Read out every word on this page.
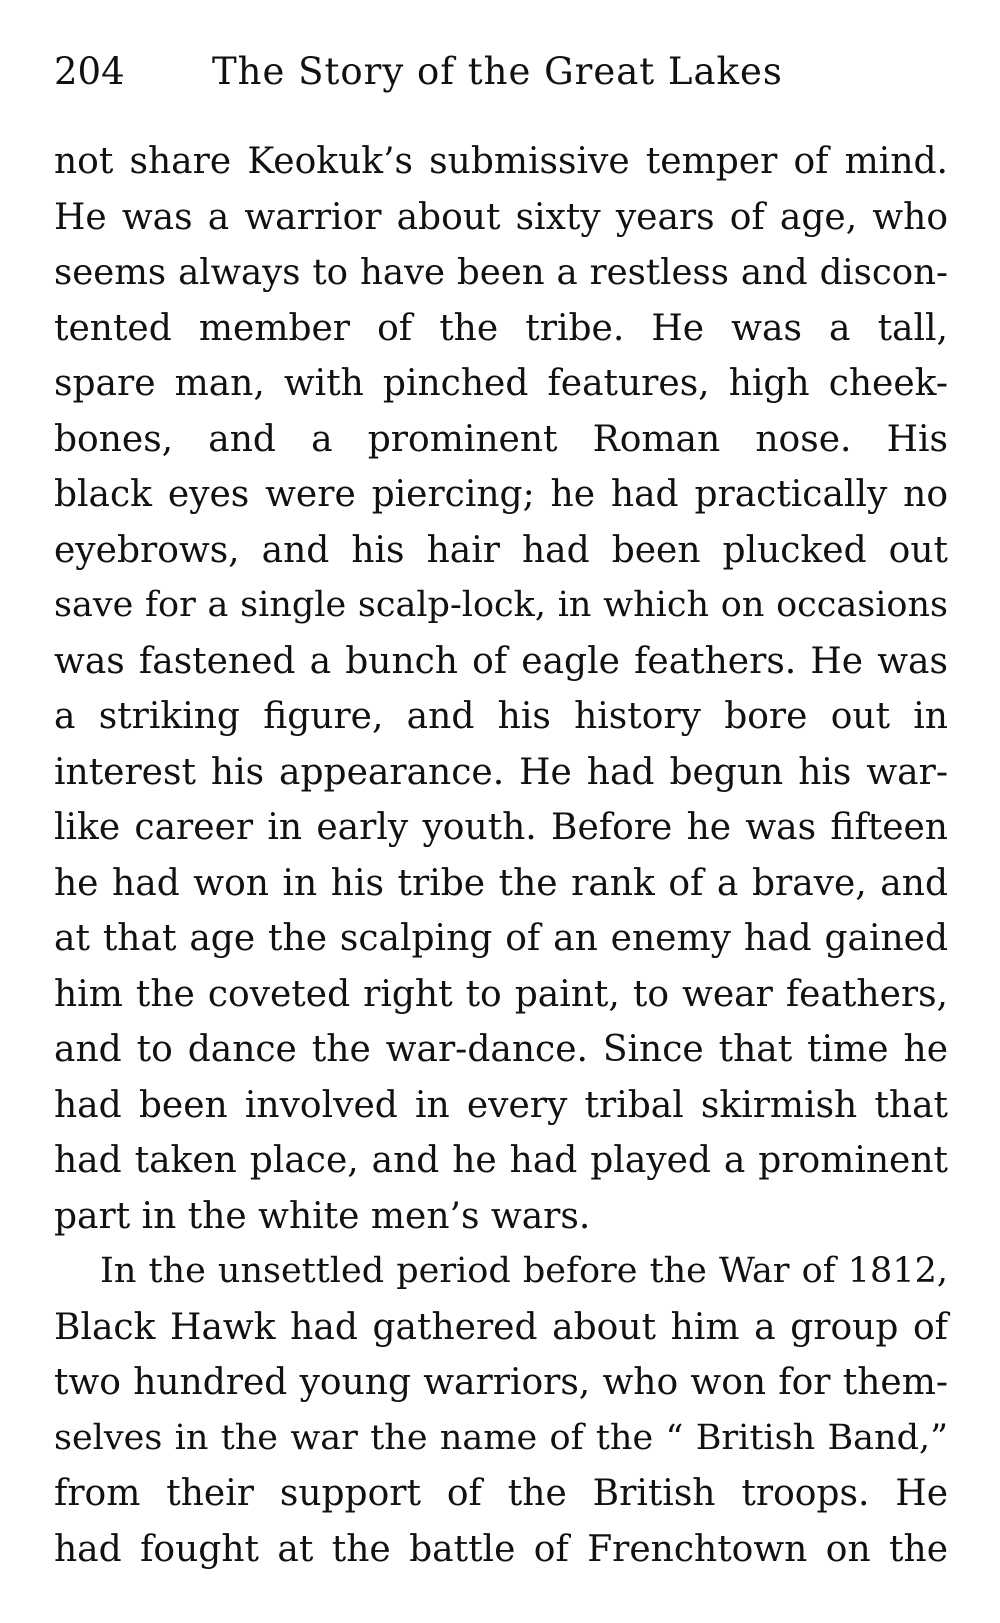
204 The Story of the Great Lakes
not share Keokuk’s submissive temper of mind.
He was a warrior about sixty years of age, who
seems always to have been a restless and discon-
tented member of the tribe. He was a tall,
spare man, with pinched features, high cheek-
bones, and a prominent Roman nose. His
black eyes were piercing; he had practically no
eyebrows, and his hair had been plucked out
save for a single scalp-lock, in which on occasions
was fastened a bunch of eagle feathers. He was
a striking figure, and his history bore out in
interest his appearance. He had begun his war-
like career in early youth. Before he was fifteen
he had won in his tribe the rank of a brave, and
at that age the scalping of an enemy had gained
him the coveted right to paint, to wear feathers,
and to dance the war-dance. Since that time he
had been involved in every tribal skirmish that
had taken place, and he had played a prominent
part in the white men’s wars.
In the unsettled period before the War of 1812,
Black Hawk had gathered about him a group of
two hundred young warriors, who won for them-
selves in the war the name of the “ British Band,”
from their support of the British troops. He
had fought at the battle of Frenchtown on the
